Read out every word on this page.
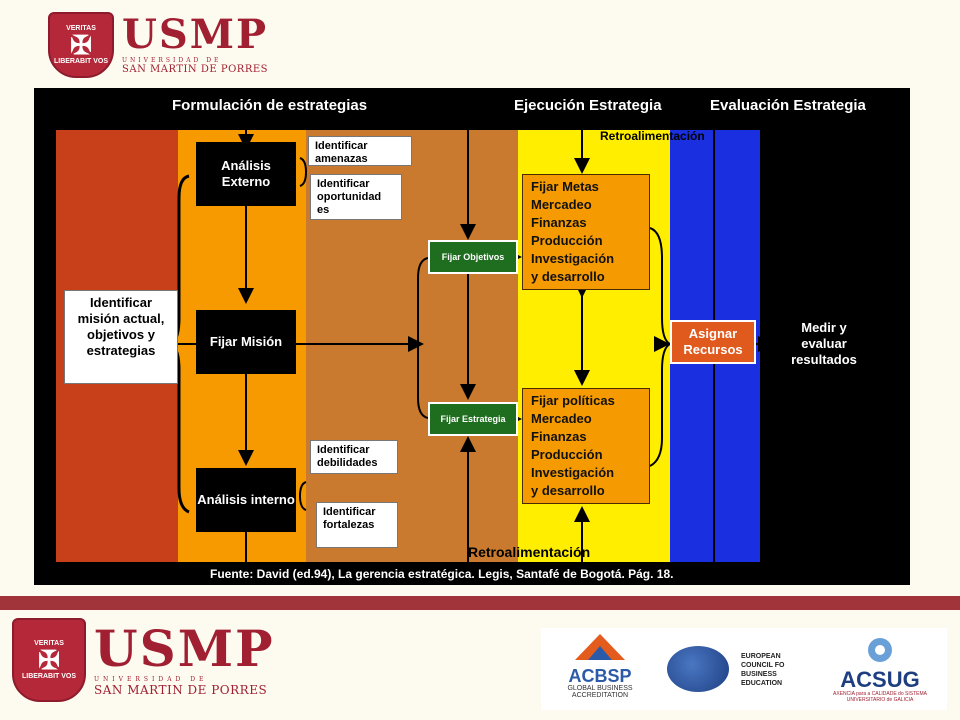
VERITAS
✠
LIBERABIT VOS
USMP
UNIVERSIDAD DE
SAN MARTIN DE PORRES
Formulación de estrategias	Ejecución Estrategia	Evaluación Estrategia
Retroalimentación
Retroalimentación
Identificar misión actual, objetivos y estrategias
Análisis Externo
Fijar Misión
Análisis interno
Identificar amenazas
Identificar oportunidad es
Identificar debilidades
Identificar fortalezas
Fijar Objetivos
Fijar Estrategia
Fijar Metas
Mercadeo
Finanzas
Producción
Investigación
y desarrollo
Fijar políticas
Mercadeo
Finanzas
Producción
Investigación
y desarrollo
Asignar Recursos
Medir y evaluar resultados
Fuente: David (ed.94), La gerencia estratégica. Legis, Santafé de Bogotá. Pág. 18.
VERITAS
✠
LIBERABIT VOS USMP
UNIVERSIDAD DE
SAN MARTIN DE PORRES
ACBSP
GLOBAL BUSINESS
ACCREDITATION
EUROPEAN
COUNCIL FO
BUSINESS
EDUCATION	ACSUG
AXENCIA para a CALIDADE do SISTEMA UNIVERSITARIO de GALICIA
